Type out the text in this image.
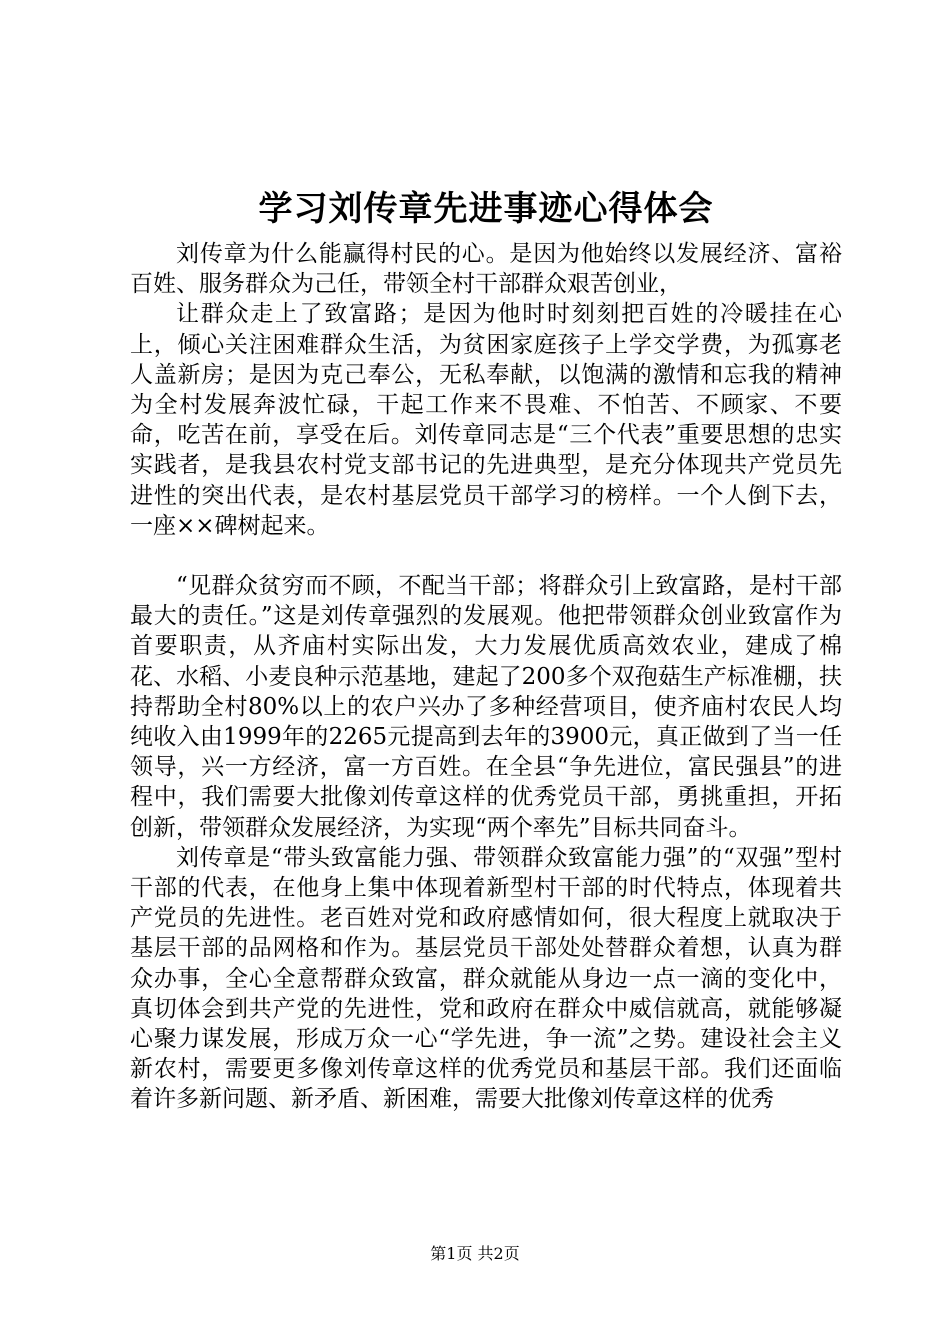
学习刘传章先进事迹心得体会

刘传章为什么能赢得村民的心。是因为他始终以发展经济、富裕百姓、服务群众为己任，带领全村干部群众艰苦创业，

让群众走上了致富路；是因为他时时刻刻把百姓的冷暖挂在心上，倾心关注困难群众生活，为贫困家庭孩子上学交学费，为孤寡老人盖新房；是因为克己奉公，无私奉献，以饱满的激情和忘我的精神为全村发展奔波忙碌，干起工作来不畏难、不怕苦、不顾家、不要命，吃苦在前，享受在后。刘传章同志是“三个代表”重要思想的忠实实践者，是我县农村党支部书记的先进典型，是充分体现共产党员先进性的突出代表，是农村基层党员干部学习的榜样。一个人倒下去，一座××碑树起来。

“见群众贫穷而不顾，不配当干部；将群众引上致富路，是村干部最大的责任。”这是刘传章强烈的发展观。他把带领群众创业致富作为首要职责，从齐庙村实际出发，大力发展优质高效农业，建成了棉花、水稻、小麦良种示范基地，建起了200多个双孢菇生产标准棚，扶持帮助全村80%以上的农户兴办了多种经营项目，使齐庙村农民人均纯收入由1999年的2265元提高到去年的3900元，真正做到了当一任领导，兴一方经济，富一方百姓。在全县“争先进位，富民强县”的进程中，我们需要大批像刘传章这样的优秀党员干部，勇挑重担，开拓创新，带领群众发展经济，为实现“两个率先”目标共同奋斗。

刘传章是“带头致富能力强、带领群众致富能力强”的“双强”型村干部的代表，在他身上集中体现着新型村干部的时代特点，体现着共产党员的先进性。老百姓对党和政府感情如何，很大程度上就取决于基层干部的品网格和作为。基层党员干部处处替群众着想，认真为群众办事，全心全意帮群众致富，群众就能从身边一点一滴的变化中，真切体会到共产党的先进性，党和政府在群众中威信就高，就能够凝心聚力谋发展，形成万众一心“学先进，争一流”之势。建设社会主义新农村，需要更多像刘传章这样的优秀党员和基层干部。我们还面临着许多新问题、新矛盾、新困难，需要大批像刘传章这样的优秀

第1页 共2页
